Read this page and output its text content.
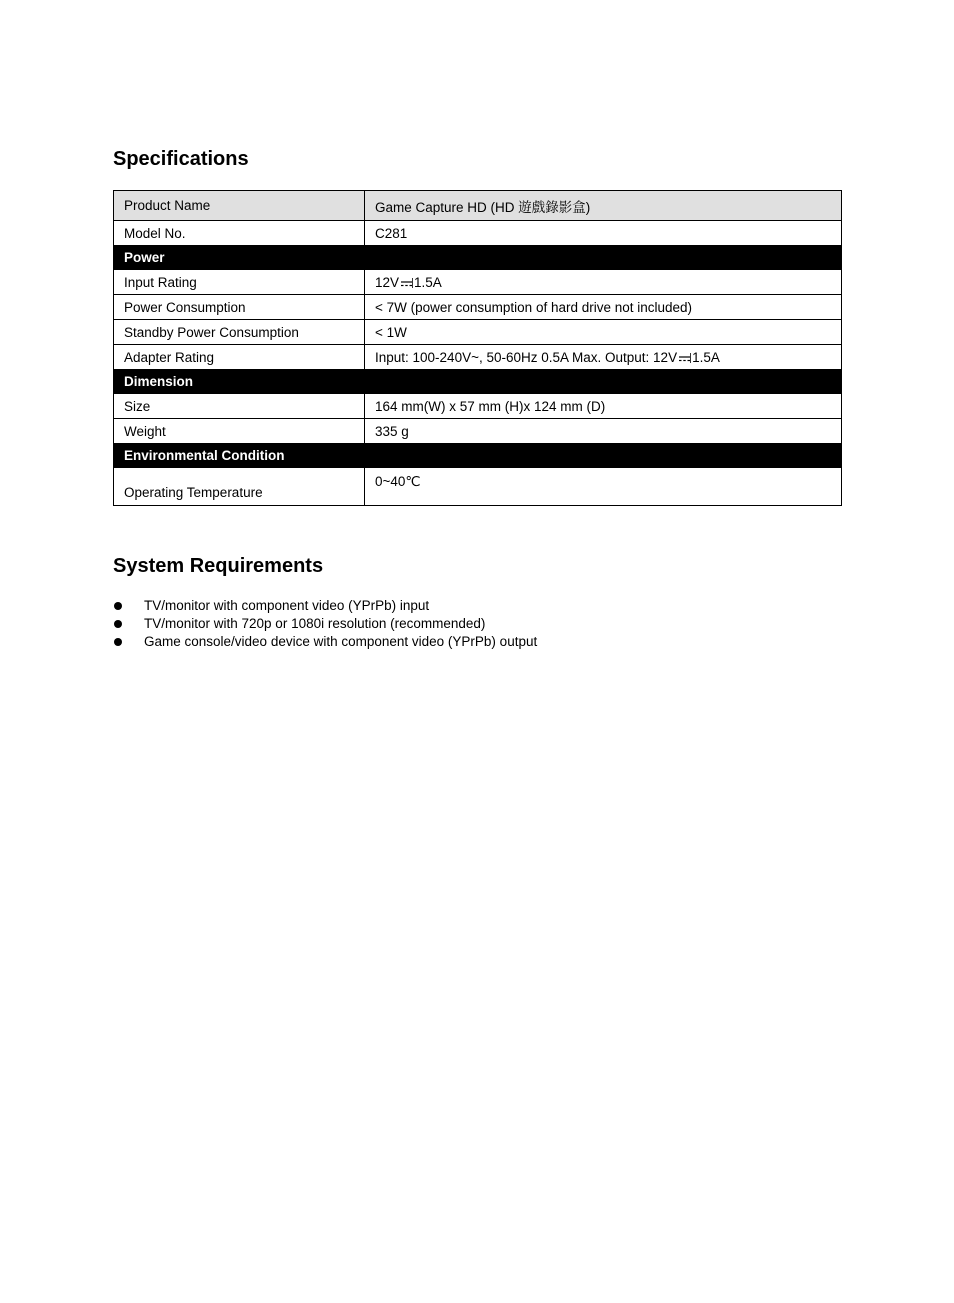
Specifications
Product Name	Game Capture HD (HD 遊戲錄影盒)
Model No.	C281
Power	
Input Rating	12V 1.5A
Power Consumption	< 7W (power consumption of hard drive not included)
Standby Power Consumption	< 1W
Adapter Rating	Input: 100-240V~, 50-60Hz 0.5A Max. Output: 12V 1.5A
Dimension	
Size	164 mm(W) x 57 mm (H)x 124 mm (D)
Weight	335 g
Environmental Condition	
Operating Temperature	0~40℃
System Requirements
TV/monitor with component video (YPrPb) input
TV/monitor with 720p or 1080i resolution (recommended)
Game console/video device with component video (YPrPb) output
